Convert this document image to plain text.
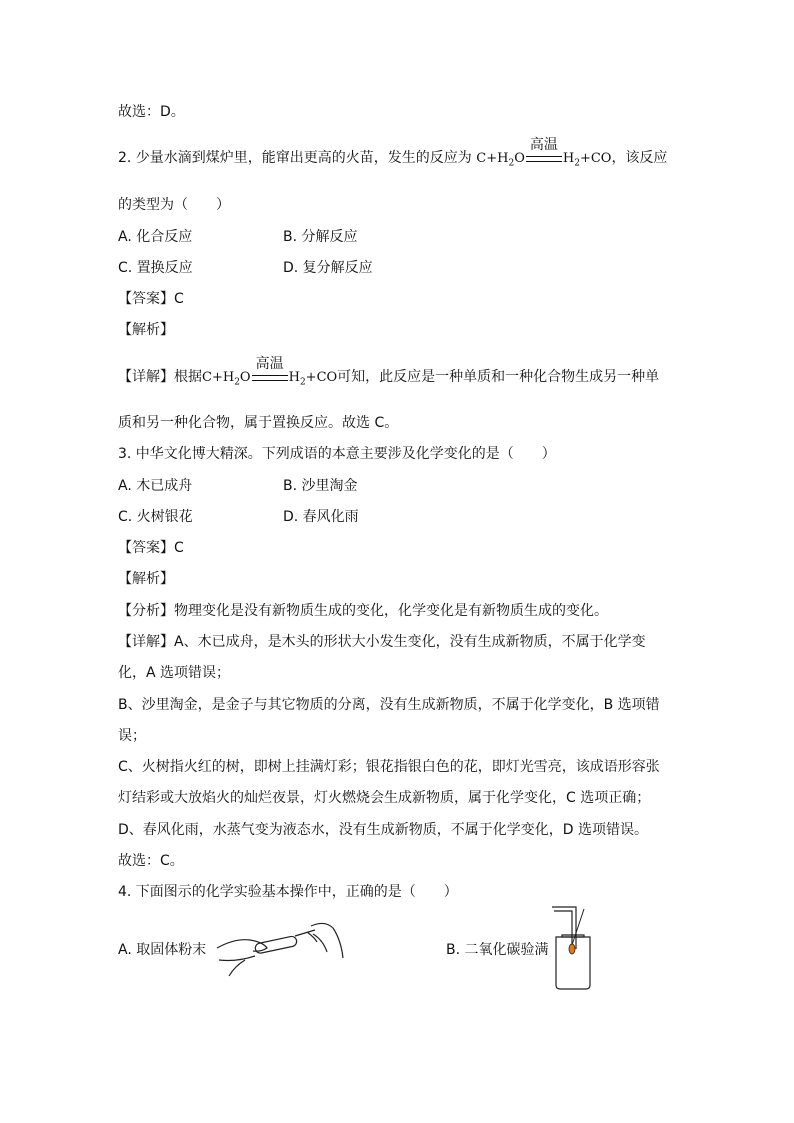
故选：D。
2. 少量水滴到煤炉里，能窜出更高的火苗，发生的反应为 $C+H_2O$
高温
$H_2+CO$，该反应
的类型为（　　）
A. 化合反应	B. 分解反应
C. 置换反应	D. 复分解反应
【答案】C
【解析】
【详解】根据$C+H_2O$
高温
$H_2+CO$可知，此反应是一种单质和一种化合物生成另一种单
质和另一种化合物，属于置换反应。故选 C。
3. 中华文化博大精深。下列成语的本意主要涉及化学变化的是（　　）
A. 木已成舟	B. 沙里淘金
C. 火树银花	D. 春风化雨
【答案】C
【解析】
【分析】物理变化是没有新物质生成的变化，化学变化是有新物质生成的变化。
【详解】A、木已成舟，是木头的形状大小发生变化，没有生成新物质，不属于化学变
化，A 选项错误；
B、沙里淘金，是金子与其它物质的分离，没有生成新物质，不属于化学变化，B 选项错
误；
C、火树指火红的树，即树上挂满灯彩；银花指银白色的花，即灯光雪亮，该成语形容张
灯结彩或大放焰火的灿烂夜景，灯火燃烧会生成新物质，属于化学变化，C 选项正确；
D、春风化雨，水蒸气变为液态水，没有生成新物质，不属于化学变化，D 选项错误。
故选：C。
4. 下面图示的化学实验基本操作中，正确的是（　　）
A. 取固体粉末	B. 二氧化碳验满
